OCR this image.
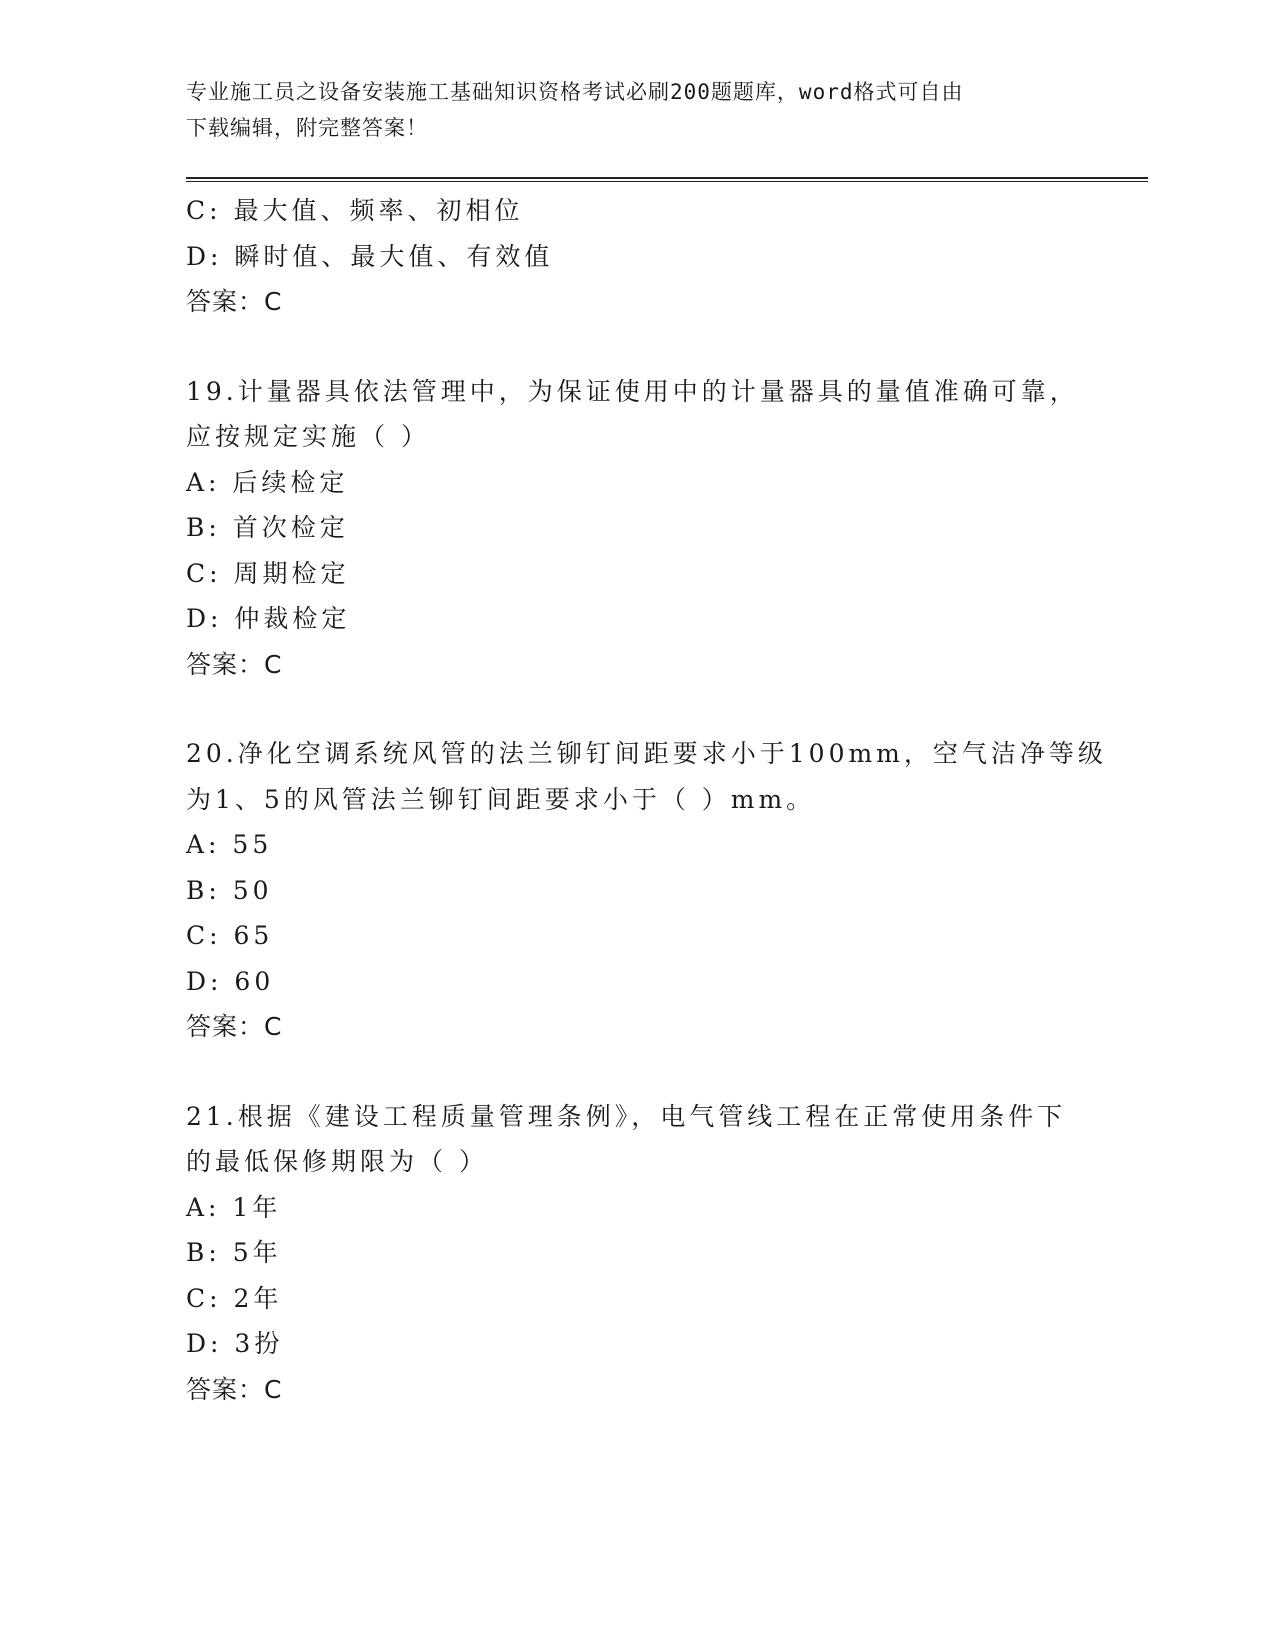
专业施工员之设备安装施工基础知识资格考试必刷200题题库，word格式可自由
下载编辑，附完整答案！
C: 最大值、频率、初相位
D: 瞬时值、最大值、有效值
答案：C
19.计量器具依法管理中，为保证使用中的计量器具的量值准确可靠，
应按规定实施（ ）
A: 后续检定
B: 首次检定
C: 周期检定
D: 仲裁检定
答案：C
20.净化空调系统风管的法兰铆钉间距要求小于100mm，空气洁净等级
为1、5的风管法兰铆钉间距要求小于（ ）mm。
A: 55
B: 50
C: 65
D: 60
答案：C
21.根据《建设工程质量管理条例》，电气管线工程在正常使用条件下
的最低保修期限为（ ）
A: 1年
B: 5年
C: 2年
D: 3扮
答案：C
